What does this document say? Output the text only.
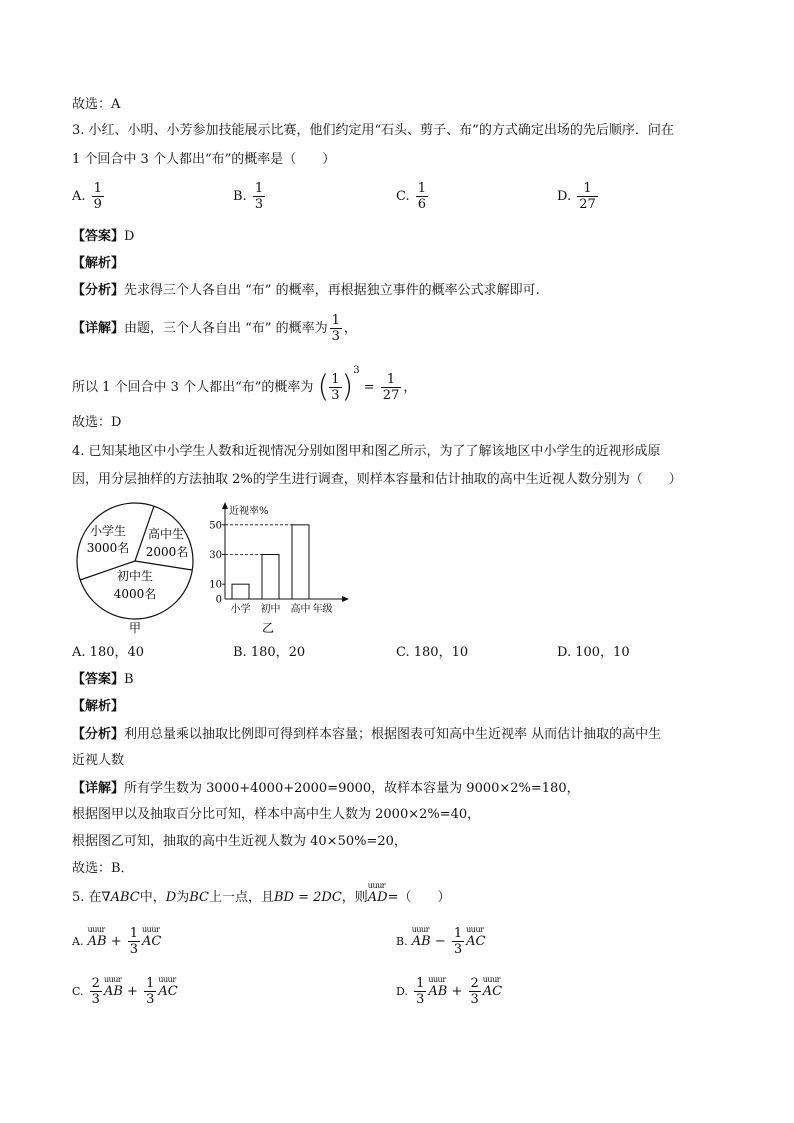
故选：A
3. 小红、小明、小芳参加技能展示比赛，他们约定用“石头、剪子、布”的方式确定出场的先后顺序．问在
1 个回合中 3 个人都出“布”的概率是（　　）
A. $\frac{1}{9}$	B. $\frac{1}{3}$	C. $\frac{1}{6}$	D. $\frac{1}{27}$
【答案】D
【解析】
【分析】先求得三个人各自出 “布” 的概率，再根据独立事件的概率公式求解即可.
【详解】由题，三个人各自出 “布” 的概率为 $\frac{1}{3}$ ，
所以 1 个回合中 3 个人都出“布”的概率为 ( $\frac{1}{3} )^3 = \frac{1}{27}$ ，
故选：D
4. 已知某地区中小学生人数和近视情况分别如图甲和图乙所示，为了了解该地区中小学生的近视形成原
因，用分层抽样的方法抽取 2%的学生进行调查，则样本容量和估计抽取的高中生近视人数分别为（　　）
小学生
3000名
高中生
2000名
初中生
4000名
甲
近视率%
0
10
30
50
小学 初中 高中 年级
乙
A. 180，40	B. 180，20	C. 180，10	D. 100，10
【答案】B
【解析】
【分析】利用总量乘以抽取比例即可得到样本容量；根据图表可知高中生近视率 从而估计抽取的高中生
近视人数
【详解】所有学生数为 3000+4000+2000=9000，故样本容量为 9000×2%=180，
根据图甲以及抽取百分比可知，样本中高中生人数为 2000×2%=40，
根据图乙可知，抽取的高中生近视人数为 40×50%=20，
故选：B．
5. 在∇ABC中，D为BC上一点，且BD = 2DC，则uuur AD=（　　）
A. uuur AB + $\frac{1}{3}$ uuur AC	B. uuur AB − $\frac{1}{3}$ uuur AC
C. $\frac{2}{3}$ uuur AB + $\frac{1}{3}$ uuur AC	D. $\frac{1}{3}$ uuur AB + $\frac{2}{3}$ uuur AC
